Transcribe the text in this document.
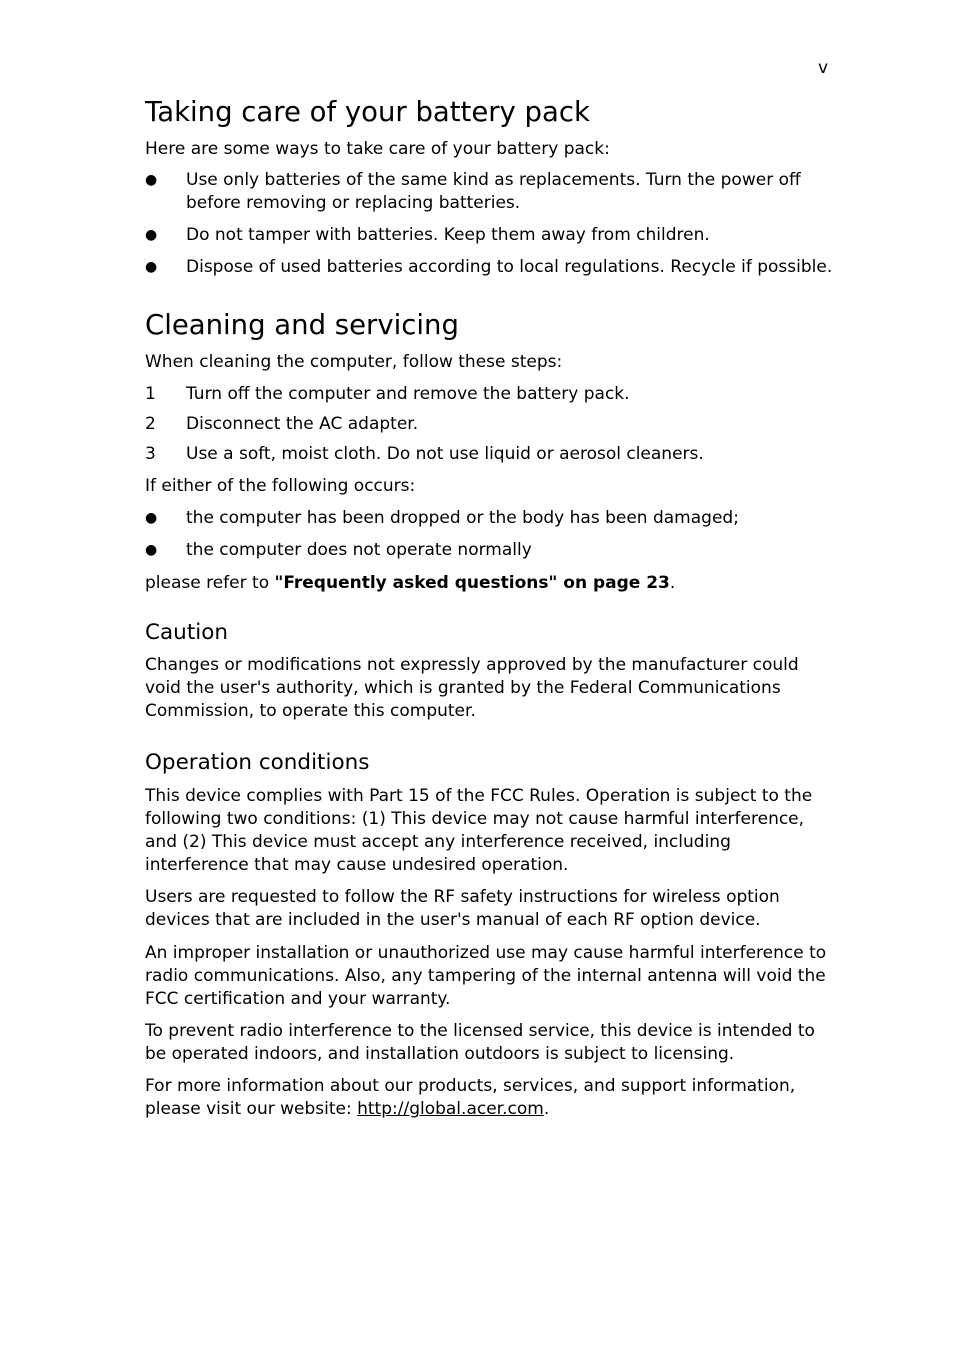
v
Taking care of your battery pack

Here are some ways to take care of your battery pack:

●	Use only batteries of the same kind as replacements. Turn the power off before removing or replacing batteries.
●	Do not tamper with batteries. Keep them away from children.
●	Dispose of used batteries according to local regulations. Recycle if possible.
Cleaning and servicing

When cleaning the computer, follow these steps:

1	Turn off the computer and remove the battery pack.
2	Disconnect the AC adapter.
3	Use a soft, moist cloth. Do not use liquid or aerosol cleaners.

If either of the following occurs:

●	the computer has been dropped or the body has been damaged;
●	the computer does not operate normally

please refer to "Frequently asked questions" on page 23.

Caution

Changes or modifications not expressly approved by the manufacturer could void the user's authority, which is granted by the Federal Communications Commission, to operate this computer.

Operation conditions

This device complies with Part 15 of the FCC Rules. Operation is subject to the following two conditions: (1) This device may not cause harmful interference, and (2) This device must accept any interference received, including interference that may cause undesired operation.

Users are requested to follow the RF safety instructions for wireless option devices that are included in the user's manual of each RF option device.

An improper installation or unauthorized use may cause harmful interference to radio communications. Also, any tampering of the internal antenna will void the FCC certification and your warranty.

To prevent radio interference to the licensed service, this device is intended to be operated indoors, and installation outdoors is subject to licensing.

For more information about our products, services, and support information, please visit our website: http://global.acer.com.
